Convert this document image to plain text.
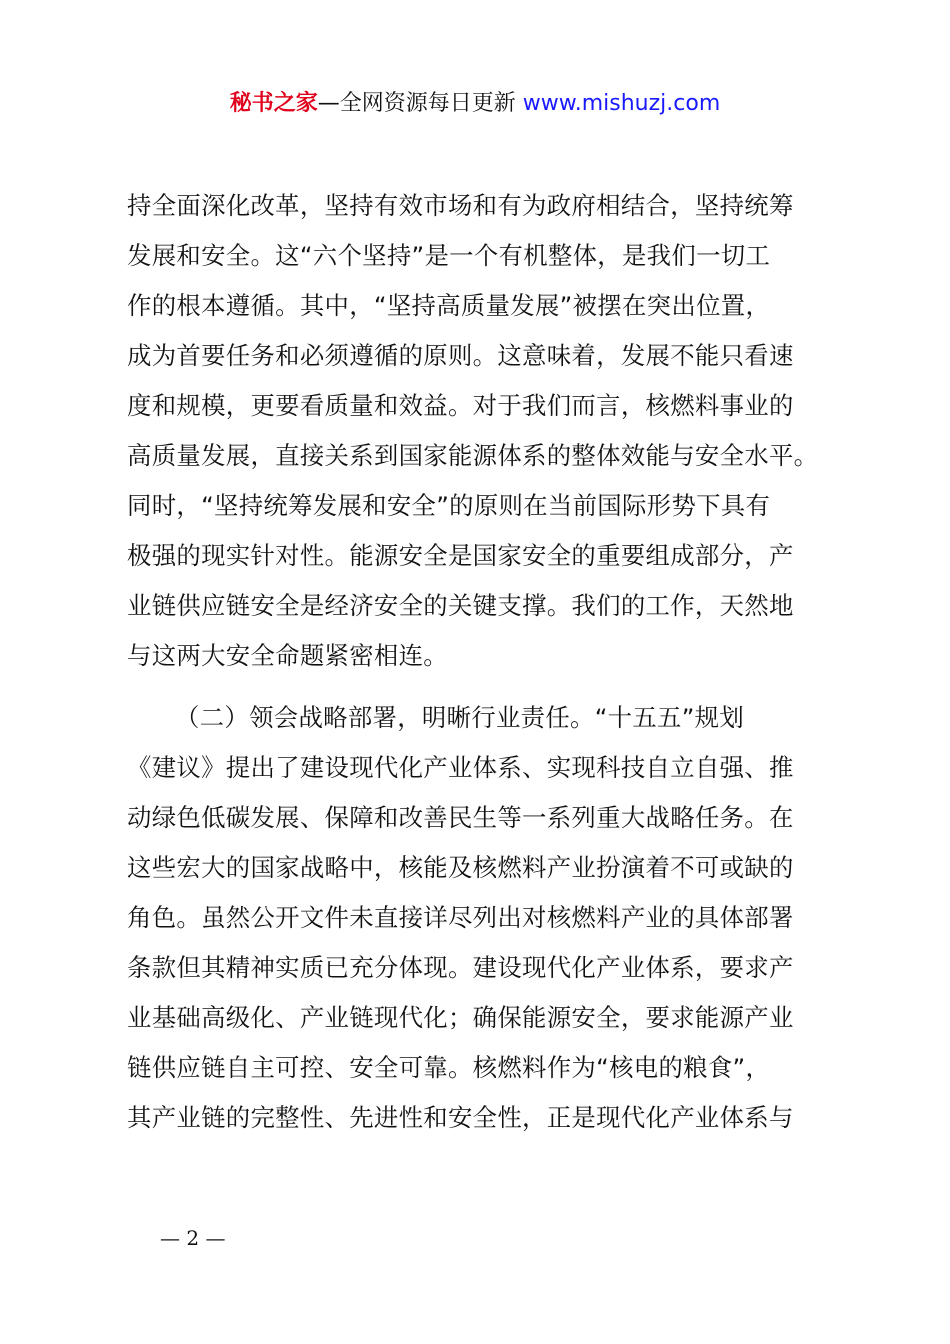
秘书之家—全网资源每日更新 www.mishuzj.com
持全面深化改革，坚持有效市场和有为政府相结合，坚持统筹
发展和安全。这“六个坚持”是一个有机整体，是我们一切工
作的根本遵循。其中，“坚持高质量发展”被摆在突出位置，
成为首要任务和必须遵循的原则。这意味着，发展不能只看速
度和规模，更要看质量和效益。对于我们而言，核燃料事业的
高质量发展，直接关系到国家能源体系的整体效能与安全水平。
同时，“坚持统筹发展和安全”的原则在当前国际形势下具有
极强的现实针对性。能源安全是国家安全的重要组成部分，产
业链供应链安全是经济安全的关键支撑。我们的工作，天然地
与这两大安全命题紧密相连。
（二）领会战略部署，明晰行业责任。“十五五”规划
《建议》提出了建设现代化产业体系、实现科技自立自强、推
动绿色低碳发展、保障和改善民生等一系列重大战略任务。在
这些宏大的国家战略中，核能及核燃料产业扮演着不可或缺的
角色。虽然公开文件未直接详尽列出对核燃料产业的具体部署
条款但其精神实质已充分体现。建设现代化产业体系，要求产
业基础高级化、产业链现代化；确保能源安全，要求能源产业
链供应链自主可控、安全可靠。核燃料作为“核电的粮食”，
其产业链的完整性、先进性和安全性，正是现代化产业体系与
— 2 —
